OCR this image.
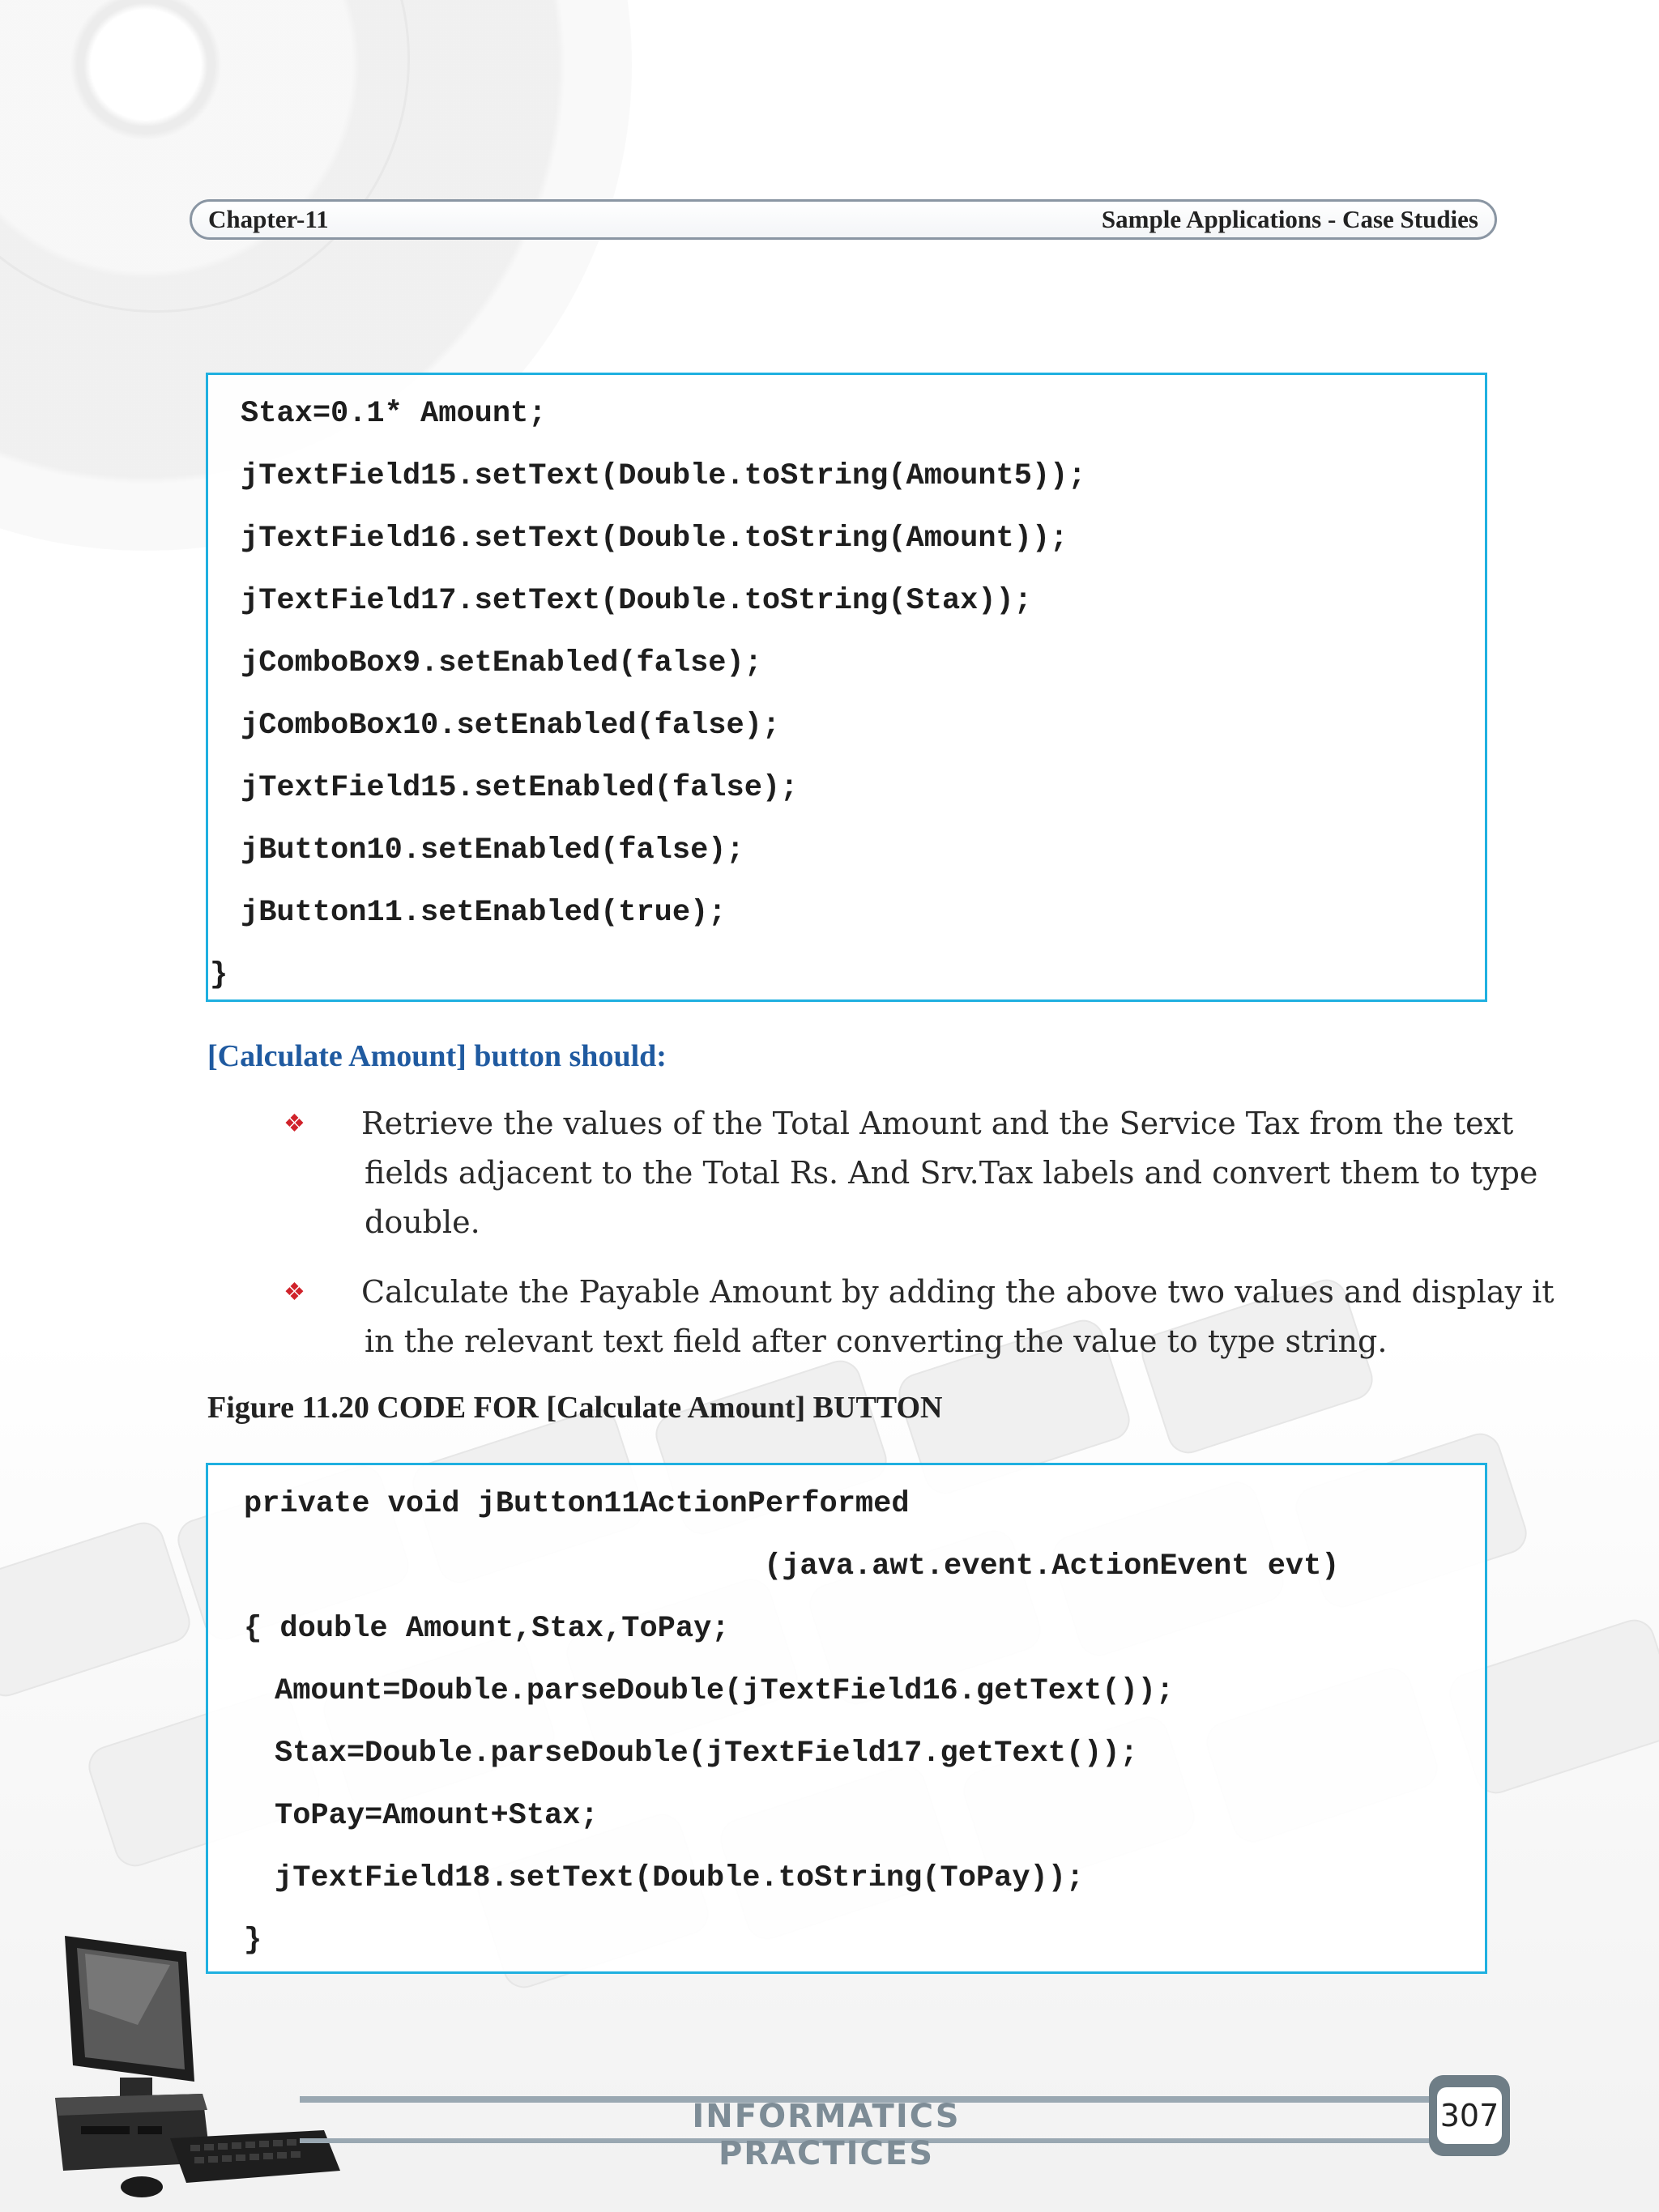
Chapter-11	Sample Applications - Case Studies
Stax=0.1* Amount;
jTextField15.setText(Double.toString(Amount5));
jTextField16.setText(Double.toString(Amount));
jTextField17.setText(Double.toString(Stax));
jComboBox9.setEnabled(false);
jComboBox10.setEnabled(false);
jTextField15.setEnabled(false);
jButton10.setEnabled(false);
jButton11.setEnabled(true);
}
[Calculate Amount] button should:
❖ Retrieve the values of the Total Amount and the Service Tax from the text
fields adjacent to the Total Rs. And Srv.Tax labels and convert them to type
double.
❖ Calculate the Payable Amount by adding the above two values and display it
in the relevant text field after converting the value to type string.
Figure 11.20 CODE FOR [Calculate Amount] BUTTON
private void jButton11ActionPerformed
(java.awt.event.ActionEvent evt)
{ double Amount,Stax,ToPay;
Amount=Double.parseDouble(jTextField16.getText());
Stax=Double.parseDouble(jTextField17.getText());
ToPay=Amount+Stax;
jTextField18.setText(Double.toString(ToPay));
}
INFORMATICS PRACTICES
307
